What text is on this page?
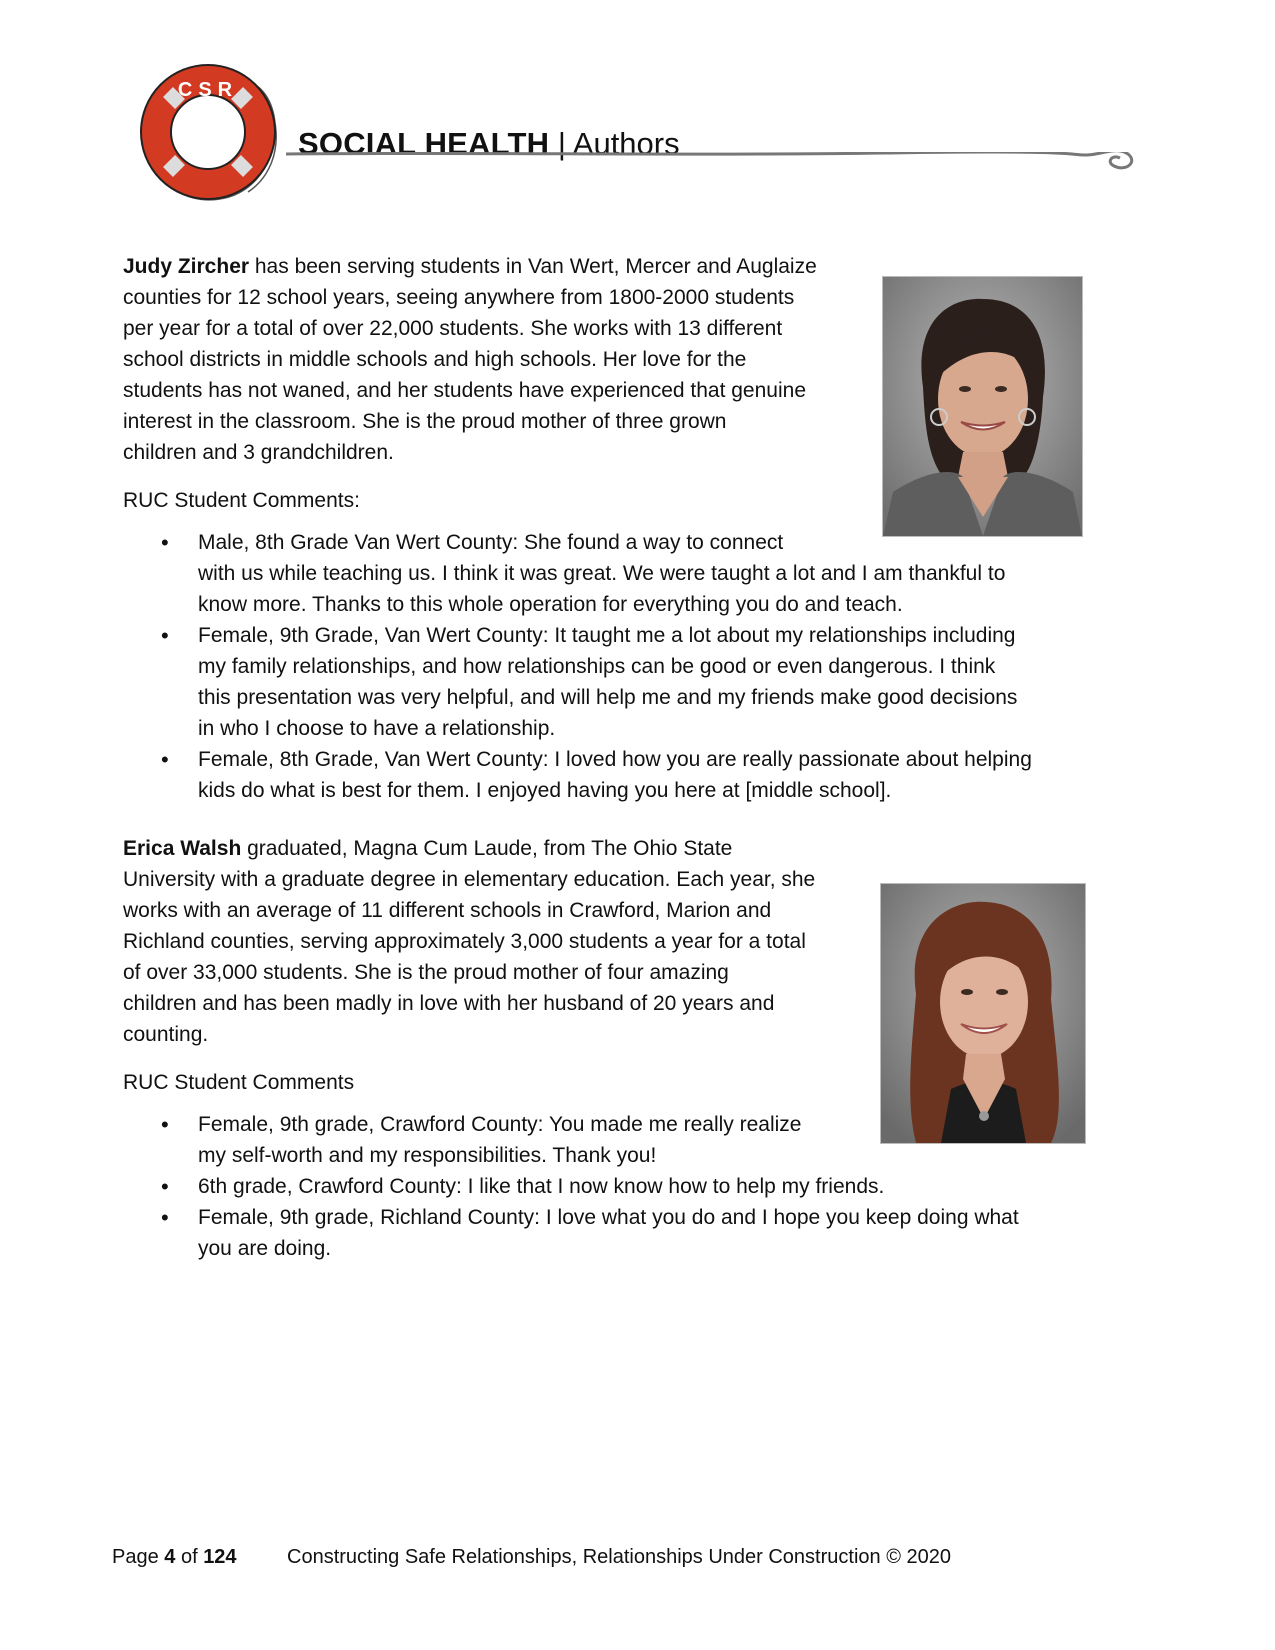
CSR
SOCIAL HEALTH | Authors
Judy Zircher has been serving students in Van Wert, Mercer and Auglaize
counties for 12 school years, seeing anywhere from 1800-2000 students
per year for a total of over 22,000 students. She works with 13 different
school districts in middle schools and high schools. Her love for the
students has not waned, and her students have experienced that genuine
interest in the classroom. She is the proud mother of three grown
children and 3 grandchildren.
RUC Student Comments:
• Male, 8th Grade Van Wert County: She found a way to connect
with us while teaching us. I think it was great. We were taught a lot and I am thankful to
know more. Thanks to this whole operation for everything you do and teach.
• Female, 9th Grade, Van Wert County: It taught me a lot about my relationships including
my family relationships, and how relationships can be good or even dangerous. I think
this presentation was very helpful, and will help me and my friends make good decisions
in who I choose to have a relationship.
• Female, 8th Grade, Van Wert County: I loved how you are really passionate about helping
kids do what is best for them. I enjoyed having you here at [middle school].
Erica Walsh graduated, Magna Cum Laude, from The Ohio State
University with a graduate degree in elementary education. Each year, she
works with an average of 11 different schools in Crawford, Marion and
Richland counties, serving approximately 3,000 students a year for a total
of over 33,000 students. She is the proud mother of four amazing
children and has been madly in love with her husband of 20 years and
counting.
RUC Student Comments
• Female, 9th grade, Crawford County: You made me really realize
my self-worth and my responsibilities. Thank you!
• 6th grade, Crawford County: I like that I now know how to help my friends.
• Female, 9th grade, Richland County: I love what you do and I hope you keep doing what
you are doing.
Page 4 of 124	Constructing Safe Relationships, Relationships Under Construction © 2020
